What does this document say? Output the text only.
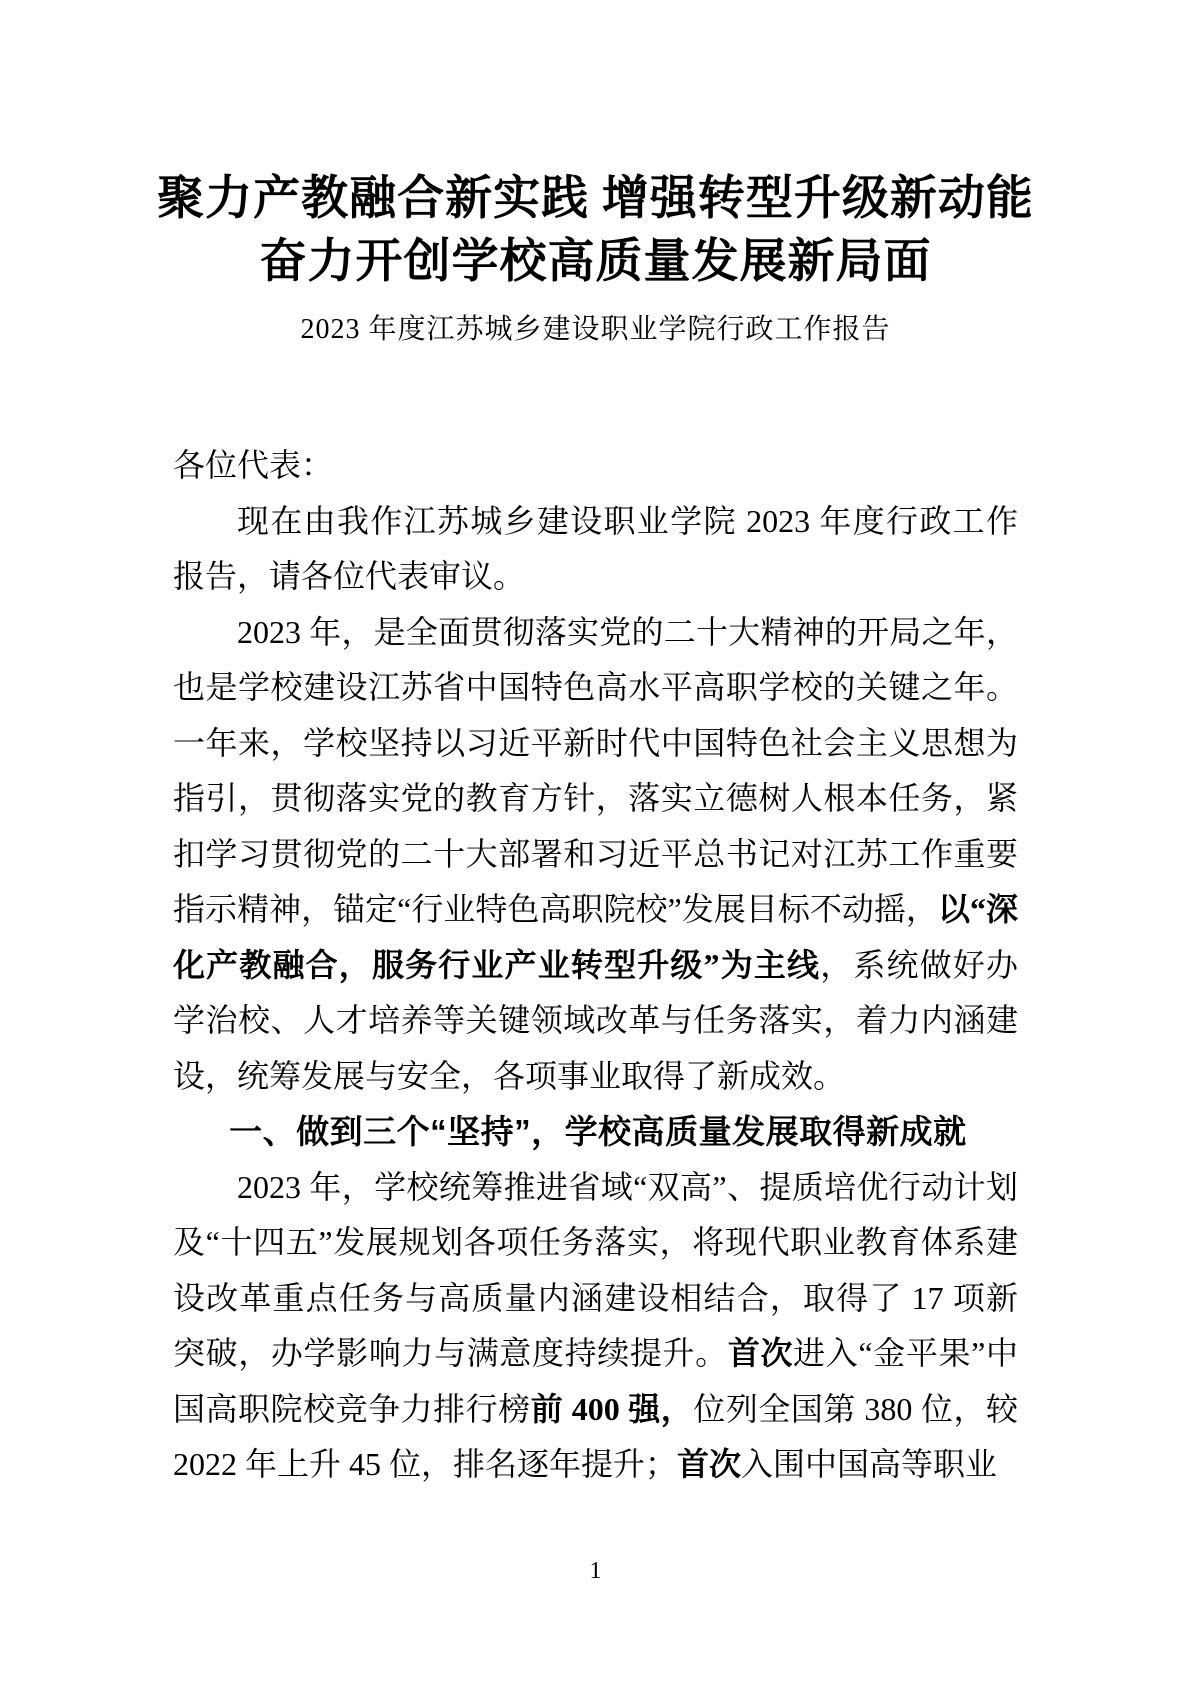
聚力产教融合新实践 增强转型升级新动能
奋力开创学校高质量发展新局面
2023 年度江苏城乡建设职业学院行政工作报告

各位代表：

现在由我作江苏城乡建设职业学院 2023 年度行政工作报告，请各位代表审议。

2023 年，是全面贯彻落实党的二十大精神的开局之年，也是学校建设江苏省中国特色高水平高职学校的关键之年。一年来，学校坚持以习近平新时代中国特色社会主义思想为指引，贯彻落实党的教育方针，落实立德树人根本任务，紧扣学习贯彻党的二十大部署和习近平总书记对江苏工作重要指示精神，锚定“行业特色高职院校”发展目标不动摇，以“深化产教融合，服务行业产业转型升级”为主线，系统做好办学治校、人才培养等关键领域改革与任务落实，着力内涵建设，统筹发展与安全，各项事业取得了新成效。

一、做到三个“坚持”，学校高质量发展取得新成就

2023 年，学校统筹推进省域“双高”、提质培优行动计划及“十四五”发展规划各项任务落实，将现代职业教育体系建设改革重点任务与高质量内涵建设相结合，取得了 17 项新突破，办学影响力与满意度持续提升。首次进入“金平果”中国高职院校竞争力排行榜前 400 强，位列全国第 380 位，较 2022 年上升 45 位，排名逐年提升；首次入围中国高等职业

1
